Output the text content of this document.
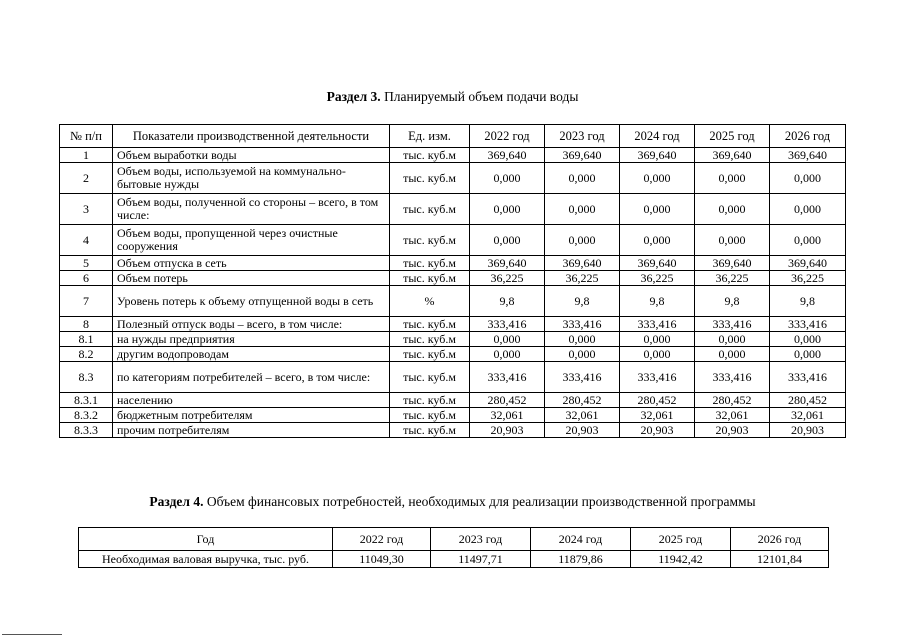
Раздел 3. Планируемый объем подачи воды
№ п/п	Показатели производственной деятельности	Ед. изм.	2022 год	2023 год	2024 год	2025 год	2026 год
1	Объем выработки воды	тыс. куб.м	369,640	369,640	369,640	369,640	369,640
2	Объем воды, используемой на коммунально-бытовые нужды	тыс. куб.м	0,000	0,000	0,000	0,000	0,000
3	Объем воды, полученной со стороны – всего, в том числе:	тыс. куб.м	0,000	0,000	0,000	0,000	0,000
4	Объем воды, пропущенной через очистные сооружения	тыс. куб.м	0,000	0,000	0,000	0,000	0,000
5	Объем отпуска в сеть	тыс. куб.м	369,640	369,640	369,640	369,640	369,640
6	Объем потерь	тыс. куб.м	36,225	36,225	36,225	36,225	36,225
7	Уровень потерь к объему отпущенной воды в сеть	%	9,8	9,8	9,8	9,8	9,8
8	Полезный отпуск воды – всего, в том числе:	тыс. куб.м	333,416	333,416	333,416	333,416	333,416
8.1	на нужды предприятия	тыс. куб.м	0,000	0,000	0,000	0,000	0,000
8.2	другим водопроводам	тыс. куб.м	0,000	0,000	0,000	0,000	0,000
8.3	по категориям потребителей – всего, в том числе:	тыс. куб.м	333,416	333,416	333,416	333,416	333,416
8.3.1	населению	тыс. куб.м	280,452	280,452	280,452	280,452	280,452
8.3.2	бюджетным потребителям	тыс. куб.м	32,061	32,061	32,061	32,061	32,061
8.3.3	прочим потребителям	тыс. куб.м	20,903	20,903	20,903	20,903	20,903
Раздел 4. Объем финансовых потребностей, необходимых для реализации производственной программы
Год	2022 год	2023 год	2024 год	2025 год	2026 год
Необходимая валовая выручка, тыс. руб.	11049,30	11497,71	11879,86	11942,42	12101,84
